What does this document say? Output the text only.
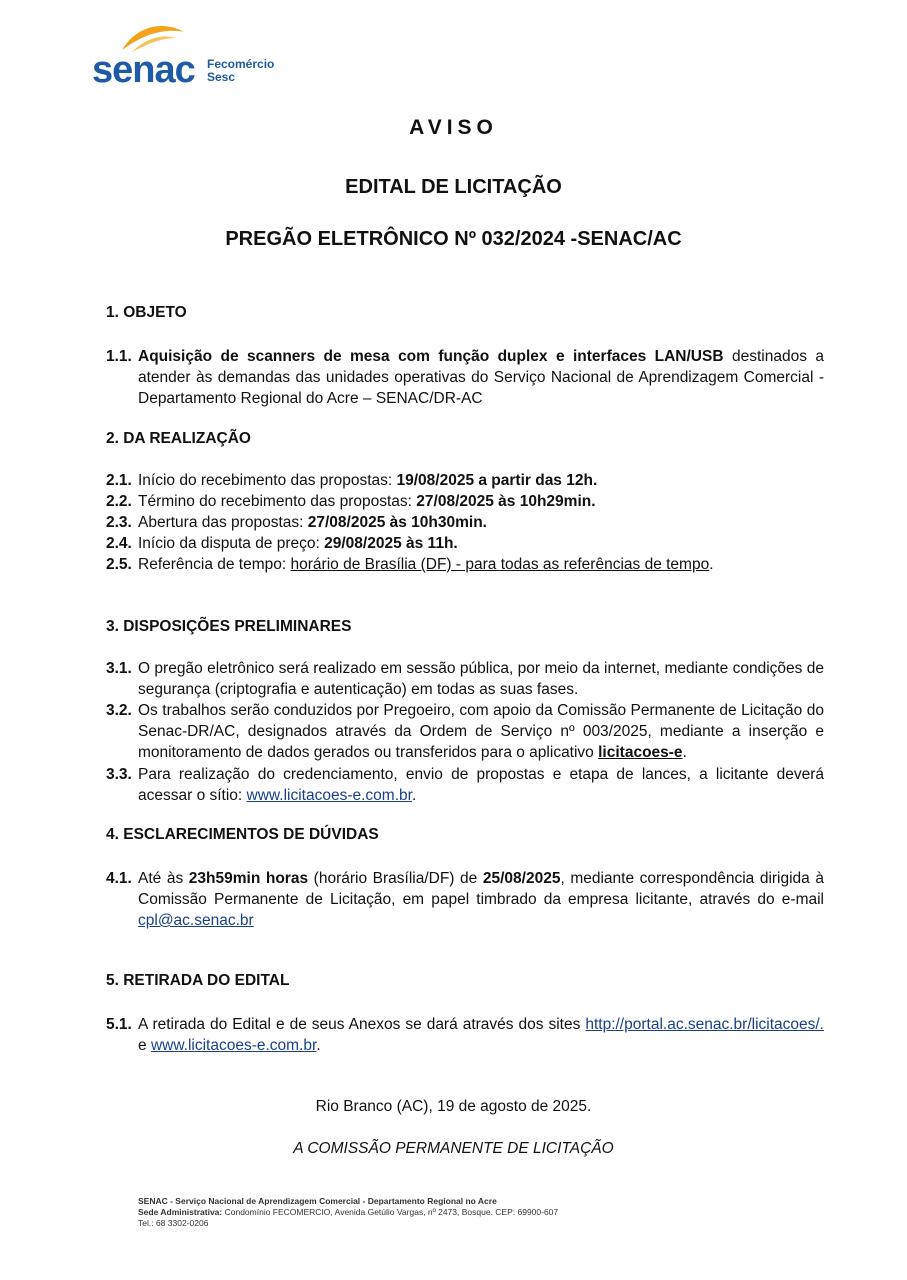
senac Fecomércio
Sesc
AVISO
EDITAL DE LICITAÇÃO
PREGÃO ELETRÔNICO Nº 032/2024 -SENAC/AC
1. OBJETO
1.1. Aquisição de scanners de mesa com função duplex e interfaces LAN/USB destinados a atender às demandas das unidades operativas do Serviço Nacional de Aprendizagem Comercial - Departamento Regional do Acre – SENAC/DR-AC
2. DA REALIZAÇÃO
2.1. Início do recebimento das propostas: 19/08/2025 a partir das 12h.
2.2. Término do recebimento das propostas: 27/08/2025 às 10h29min.
2.3. Abertura das propostas: 27/08/2025 às 10h30min.
2.4. Início da disputa de preço: 29/08/2025 às 11h.
2.5. Referência de tempo: horário de Brasília (DF) - para todas as referências de tempo.
3. DISPOSIÇÕES PRELIMINARES
3.1. O pregão eletrônico será realizado em sessão pública, por meio da internet, mediante condições de segurança (criptografia e autenticação) em todas as suas fases.
3.2. Os trabalhos serão conduzidos por Pregoeiro, com apoio da Comissão Permanente de Licitação do Senac-DR/AC, designados através da Ordem de Serviço nº 003/2025, mediante a inserção e monitoramento de dados gerados ou transferidos para o aplicativo licitacoes-e.
3.3. Para realização do credenciamento, envio de propostas e etapa de lances, a licitante deverá acessar o sítio: www.licitacoes-e.com.br.
4. ESCLARECIMENTOS DE DÚVIDAS
4.1. Até às 23h59min horas (horário Brasília/DF) de 25/08/2025, mediante correspondência dirigida à Comissão Permanente de Licitação, em papel timbrado da empresa licitante, através do e-mail cpl@ac.senac.br
5. RETIRADA DO EDITAL
5.1. A retirada do Edital e de seus Anexos se dará através dos sites http://portal.ac.senac.br/licitacoes/. e www.licitacoes-e.com.br.
Rio Branco (AC), 19 de agosto de 2025.
A COMISSÃO PERMANENTE DE LICITAÇÃO
SENAC - Serviço Nacional de Aprendizagem Comercial - Departamento Regional no Acre
Sede Administrativa: Condomínio FECOMERCIO, Avenida Getúlio Vargas, nº 2473, Bosque. CEP: 69900-607
Tel.: 68 3302-0206
